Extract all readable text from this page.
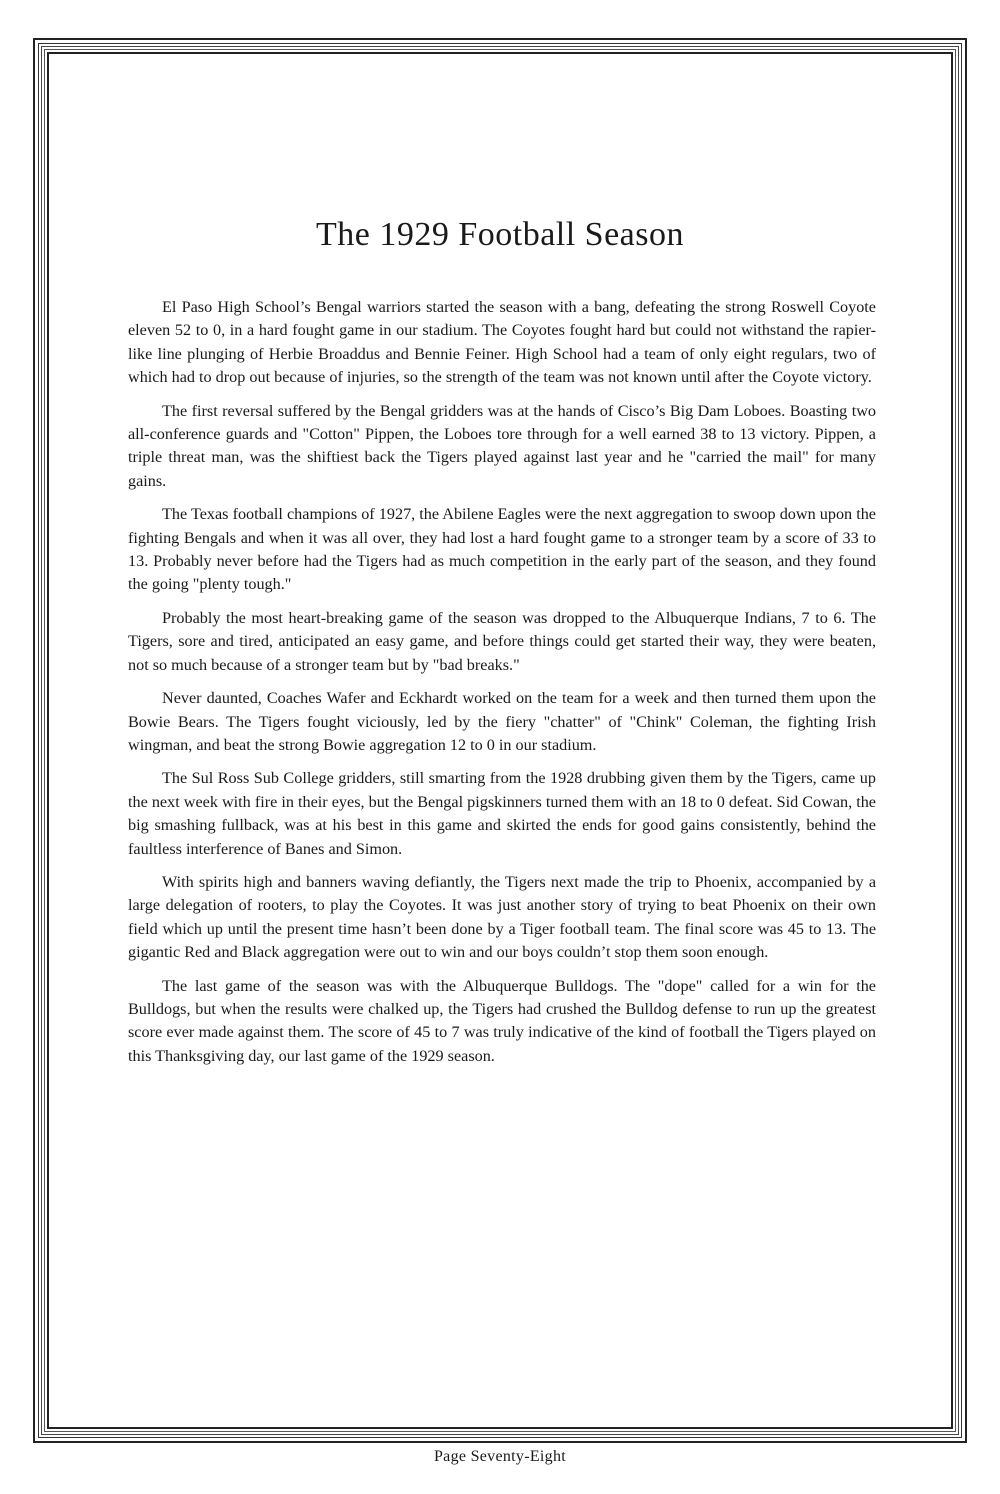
The 1929 Football Season

El Paso High School’s Bengal warriors started the season with a bang, defeating the strong Roswell Coyote eleven 52 to 0, in a hard fought game in our stadium. The Coyotes fought hard but could not withstand the rapier-like line plunging of Herbie Broaddus and Bennie Feiner. High School had a team of only eight regulars, two of which had to drop out because of injuries, so the strength of the team was not known until after the Coyote victory.

The first reversal suffered by the Bengal gridders was at the hands of Cisco’s Big Dam Loboes. Boasting two all-conference guards and "Cotton" Pippen, the Loboes tore through for a well earned 38 to 13 victory. Pippen, a triple threat man, was the shiftiest back the Tigers played against last year and he "carried the mail" for many gains.

The Texas football champions of 1927, the Abilene Eagles were the next aggregation to swoop down upon the fighting Bengals and when it was all over, they had lost a hard fought game to a stronger team by a score of 33 to 13. Probably never before had the Tigers had as much competition in the early part of the season, and they found the going "plenty tough."

Probably the most heart-breaking game of the season was dropped to the Albuquerque Indians, 7 to 6. The Tigers, sore and tired, anticipated an easy game, and before things could get started their way, they were beaten, not so much because of a stronger team but by "bad breaks."

Never daunted, Coaches Wafer and Eckhardt worked on the team for a week and then turned them upon the Bowie Bears. The Tigers fought viciously, led by the fiery "chatter" of "Chink" Coleman, the fighting Irish wingman, and beat the strong Bowie aggregation 12 to 0 in our stadium.

The Sul Ross Sub College gridders, still smarting from the 1928 drubbing given them by the Tigers, came up the next week with fire in their eyes, but the Bengal pigskinners turned them with an 18 to 0 defeat. Sid Cowan, the big smashing fullback, was at his best in this game and skirted the ends for good gains consistently, behind the faultless interference of Banes and Simon.

With spirits high and banners waving defiantly, the Tigers next made the trip to Phoenix, accompanied by a large delegation of rooters, to play the Coyotes. It was just another story of trying to beat Phoenix on their own field which up until the present time hasn’t been done by a Tiger football team. The final score was 45 to 13. The gigantic Red and Black aggregation were out to win and our boys couldn’t stop them soon enough.

The last game of the season was with the Albuquerque Bulldogs. The "dope" called for a win for the Bulldogs, but when the results were chalked up, the Tigers had crushed the Bulldog defense to run up the greatest score ever made against them. The score of 45 to 7 was truly indicative of the kind of football the Tigers played on this Thanksgiving day, our last game of the 1929 season.

Page Seventy-Eight
